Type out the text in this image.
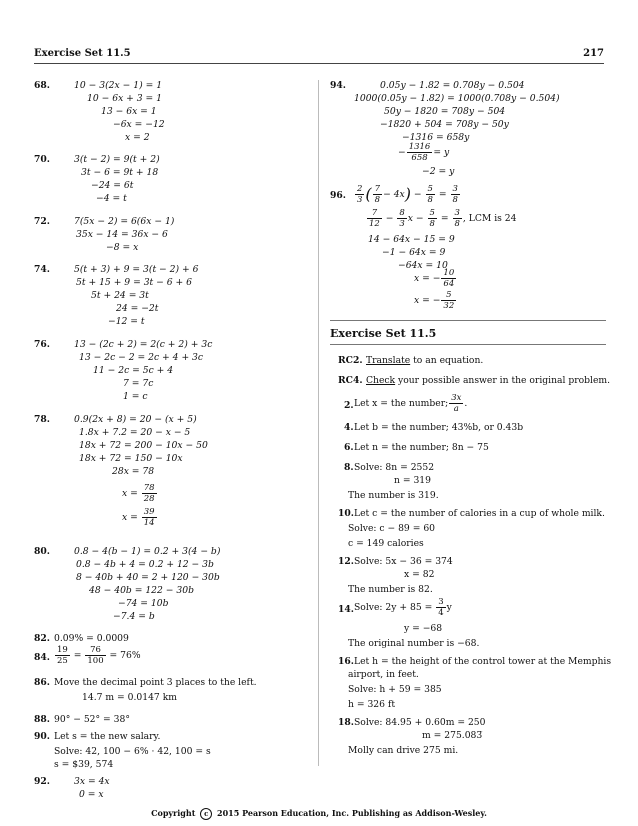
Exercise Set 11.5	217
68.	10 − 3(2x − 1) = 1
10 − 6x + 3 = 1
13 − 6x = 1
−6x = −12
x = 2
70.	3(t − 2) = 9(t + 2)
3t − 6 = 9t + 18
−24 = 6t
−4 = t
72.	7(5x − 2) = 6(6x − 1)
35x − 14 = 36x − 6
−8 = x
74.	5(t + 3) + 9 = 3(t − 2) + 6
5t + 15 + 9 = 3t − 6 + 6
5t + 24 = 3t
24 = −2t
−12 = t
76.	13 − (2c + 2) = 2(c + 2) + 3c
13 − 2c − 2 = 2c + 4 + 3c
11 − 2c = 5c + 4
7 = 7c
1 = c
78.	0.9(2x + 8) = 20 − (x + 5)
1.8x + 7.2 = 20 − x − 5
18x + 72 = 200 − 10x − 50
18x + 72 = 150 − 10x
28x = 78
$x = \frac{78}{28}$
$x = \frac{39}{14}$
80.	0.8 − 4(b − 1) = 0.2 + 3(4 − b)
0.8 − 4b + 4 = 0.2 + 12 − 3b
8 − 40b + 40 = 2 + 120 − 30b
48 − 40b = 122 − 30b
−74 = 10b
−7.4 = b
82. 0.09% = 0.0009
84. $\frac{19}{25} = \frac{76}{100} = 76\%$
86. Move the decimal point 3 places to the left.
14.7 m = 0.0147 km
88. 90° − 52° = 38°
90. Let s = the new salary.
Solve: 42, 100 − 6% · 42, 100 = s
94.	0.05y − 1.82 = 0.708y − 0.504
1000(0.05y − 1.82) = 1000(0.708y − 0.504)
50y − 1820 = 708y − 504
−1820 + 504 = 708y − 50y
−1316 = 658y
− $\frac{1316}{658} = y$
−2 = y
96. $\frac{2}{3}$ ( $\frac{7}{8} - 4x) - \frac{5}{8} = \frac{3}{8}$
$\frac{7}{12} - \frac{8}{3}$ $x - \frac{5}{8} = \frac{3}{8}$ , LCM is 24
14 − 64x − 15 = 9
−1 − 64x = 9
−64x = 10
x = − $\frac{10}{64}$
x = − $\frac{5}{32}$
Exercise Set 11.5
RC2. Translate to an equation.
RC4. Check your possible answer in the original problem.
2. Let x = the number; $\frac{3x}{a}$ .
4. Let b = the number; 43%b, or 0.43b
6. Let n = the number; 8n − 75
8. Solve: 8n = 2552
n = 319
The number is 319.
10. Let c = the number of calories in a cup of whole milk.
Solve: c − 89 = 60
c = 149 calories
12. Solve: 5x − 36 = 374
x = 82
The number is 82.
14. Solve: $2y + 85 = \frac{3}{4}$ y
y = −68
The original number is −68.
16. Let h = the height of the control tower at the Memphis
airport, in feet.
Solve: h + 59 = 385
h = 326 ft
18. Solve: 84.95 + 0.60m = 250
m = 275.083̅
Molly can drive 275 mi.
s = $39, 574
92.	3x = 4x
0 = x
Copyright c 2015 Pearson Education, Inc. Publishing as Addison-Wesley.
